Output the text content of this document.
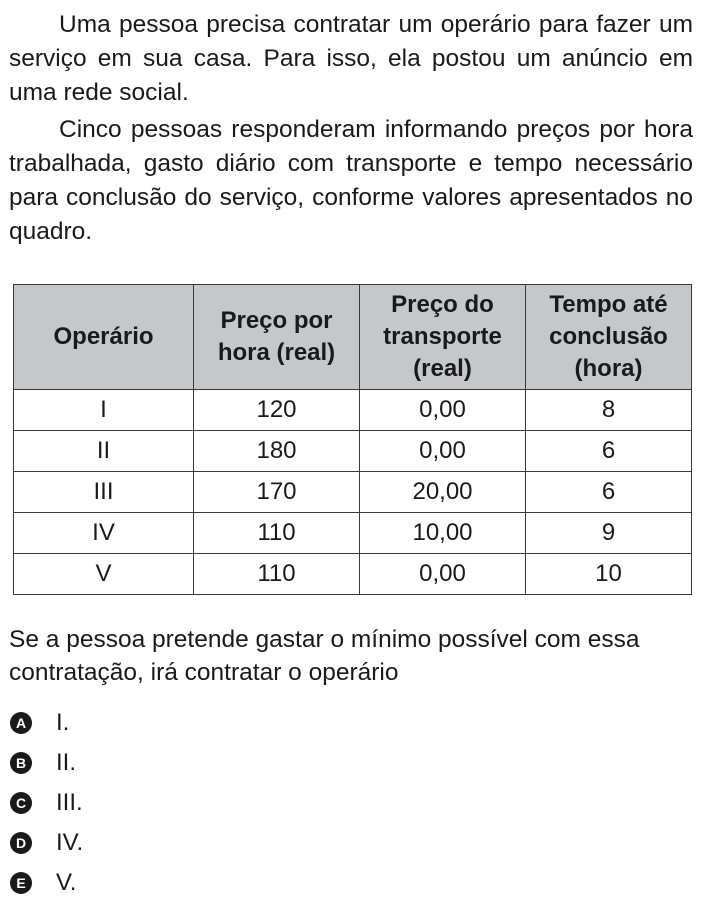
Uma pessoa precisa contratar um operário para fazer um serviço em sua casa. Para isso, ela postou um anúncio em uma rede social.

Cinco pessoas responderam informando preços por hora trabalhada, gasto diário com transporte e tempo necessário para conclusão do serviço, conforme valores apresentados no quadro.

Operário	Preço por hora (real)	Preço do transporte (real)	Tempo até conclusão (hora)
I	120	0,00	8
II	180	0,00	6
III	170	20,00	6
IV	110	10,00	9
V	110	0,00	10

Se a pessoa pretende gastar o mínimo possível com essa contratação, irá contratar o operário

A I.
B II.
C III.
D IV.
E V.
